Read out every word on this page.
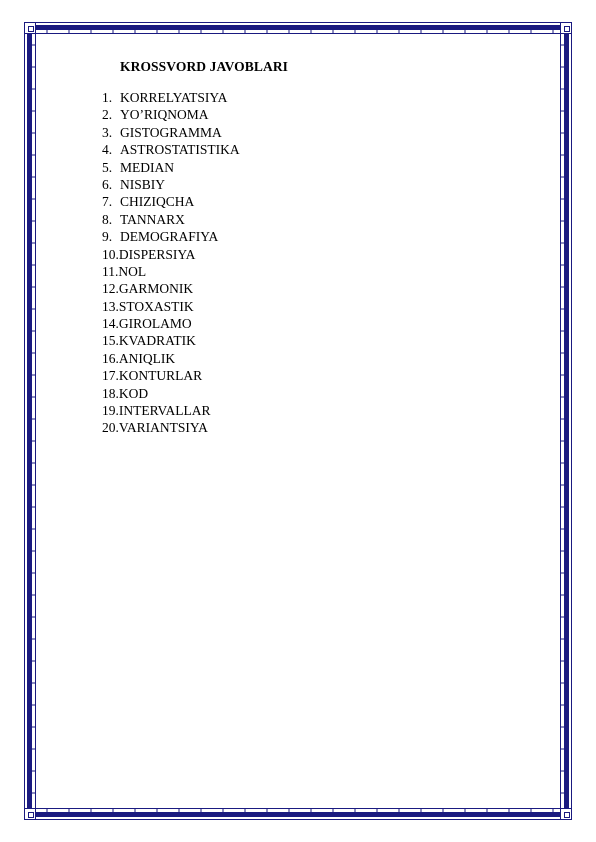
KROSSVORD JAVOBLARI
1. KORRELYATSIYA
2. YO’RIQNOMA
3. GISTOGRAMMA
4. ASTROSTATISTIKA
5. MEDIAN
6. NISBIY
7. CHIZIQCHA
8. TANNARX
9. DEMOGRAFIYA
10.DISPERSIYA
11.NOL
12.GARMONIK
13.STOXASTIK
14.GIROLAMO
15.KVADRATIK
16.ANIQLIK
17.KONTURLAR
18.KOD
19.INTERVALLAR
20.VARIANTSIYA
